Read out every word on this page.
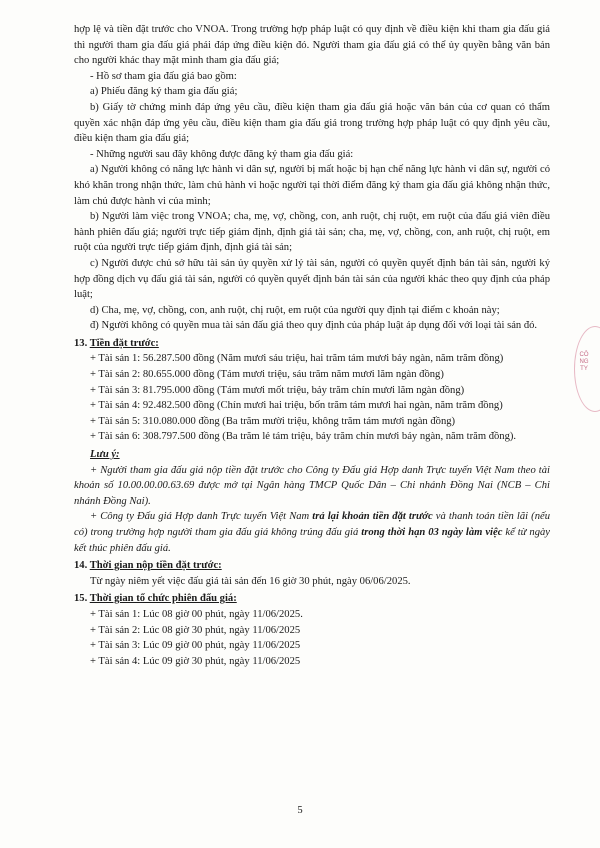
hợp lệ và tiền đặt trước cho VNOA. Trong trường hợp pháp luật có quy định về điều kiện khi tham gia đấu giá thì người tham gia đấu giá phải đáp ứng điều kiện đó. Người tham gia đấu giá có thể ủy quyền bằng văn bản cho người khác thay mặt mình tham gia đấu giá;

- Hồ sơ tham gia đấu giá bao gồm:

a) Phiếu đăng ký tham gia đấu giá;

b) Giấy tờ chứng minh đáp ứng yêu cầu, điều kiện tham gia đấu giá hoặc văn bản của cơ quan có thẩm quyền xác nhận đáp ứng yêu cầu, điều kiện tham gia đấu giá trong trường hợp pháp luật có quy định yêu cầu, điều kiện tham gia đấu giá;

- Những người sau đây không được đăng ký tham gia đấu giá:

a) Người không có năng lực hành vi dân sự, người bị mất hoặc bị hạn chế năng lực hành vi dân sự, người có khó khăn trong nhận thức, làm chủ hành vi hoặc người tại thời điểm đăng ký tham gia đấu giá không nhận thức, làm chủ được hành vi của mình;

b) Người làm việc trong VNOA; cha, mẹ, vợ, chồng, con, anh ruột, chị ruột, em ruột của đấu giá viên điều hành phiên đấu giá; người trực tiếp giám định, định giá tài sản; cha, mẹ, vợ, chồng, con, anh ruột, chị ruột, em ruột của người trực tiếp giám định, định giá tài sản;

c) Người được chủ sở hữu tài sản ủy quyền xử lý tài sản, người có quyền quyết định bán tài sản, người ký hợp đồng dịch vụ đấu giá tài sản, người có quyền quyết định bán tài sản của người khác theo quy định của pháp luật;

d) Cha, mẹ, vợ, chồng, con, anh ruột, chị ruột, em ruột của người quy định tại điểm c khoản này;

đ) Người không có quyền mua tài sản đấu giá theo quy định của pháp luật áp dụng đối với loại tài sản đó.

13. Tiền đặt trước:

+ Tài sản 1: 56.287.500 đồng (Năm mươi sáu triệu, hai trăm tám mươi bảy ngàn, năm trăm đồng)

+ Tài sản 2: 80.655.000 đồng (Tám mươi triệu, sáu trăm năm mươi lăm ngàn đồng)

+ Tài sản 3: 81.795.000 đồng (Tám mươi mốt triệu, bảy trăm chín mươi lăm ngàn đồng)

+ Tài sản 4: 92.482.500 đồng (Chín mươi hai triệu, bốn trăm tám mươi hai ngàn, năm trăm đồng)

+ Tài sản 5: 310.080.000 đồng (Ba trăm mười triệu, không trăm tám mươi ngàn đồng)

+ Tài sản 6: 308.797.500 đồng (Ba trăm lẻ tám triệu, bảy trăm chín mươi bảy ngàn, năm trăm đồng).

Lưu ý:

+ Người tham gia đấu giá nộp tiền đặt trước cho Công ty Đấu giá Hợp danh Trực tuyến Việt Nam theo tài khoản số 10.00.00.00.63.69 được mở tại Ngân hàng TMCP Quốc Dân – Chi nhánh Đồng Nai (NCB – Chi nhánh Đồng Nai).

+ Công ty Đấu giá Hợp danh Trực tuyến Việt Nam trả lại khoản tiền đặt trước và thanh toán tiền lãi (nếu có) trong trường hợp người tham gia đấu giá không trúng đấu giá trong thời hạn 03 ngày làm việc kể từ ngày kết thúc phiên đấu giá.

14. Thời gian nộp tiền đặt trước:

Từ ngày niêm yết việc đấu giá tài sản đến 16 giờ 30 phút, ngày 06/06/2025.

15. Thời gian tổ chức phiên đấu giá:

+ Tài sản 1: Lúc 08 giờ 00 phút, ngày 11/06/2025.

+ Tài sản 2: Lúc 08 giờ 30 phút, ngày 11/06/2025

+ Tài sản 3: Lúc 09 giờ 00 phút, ngày 11/06/2025

+ Tài sản 4: Lúc 09 giờ 30 phút, ngày 11/06/2025

CÔNG TY
5
